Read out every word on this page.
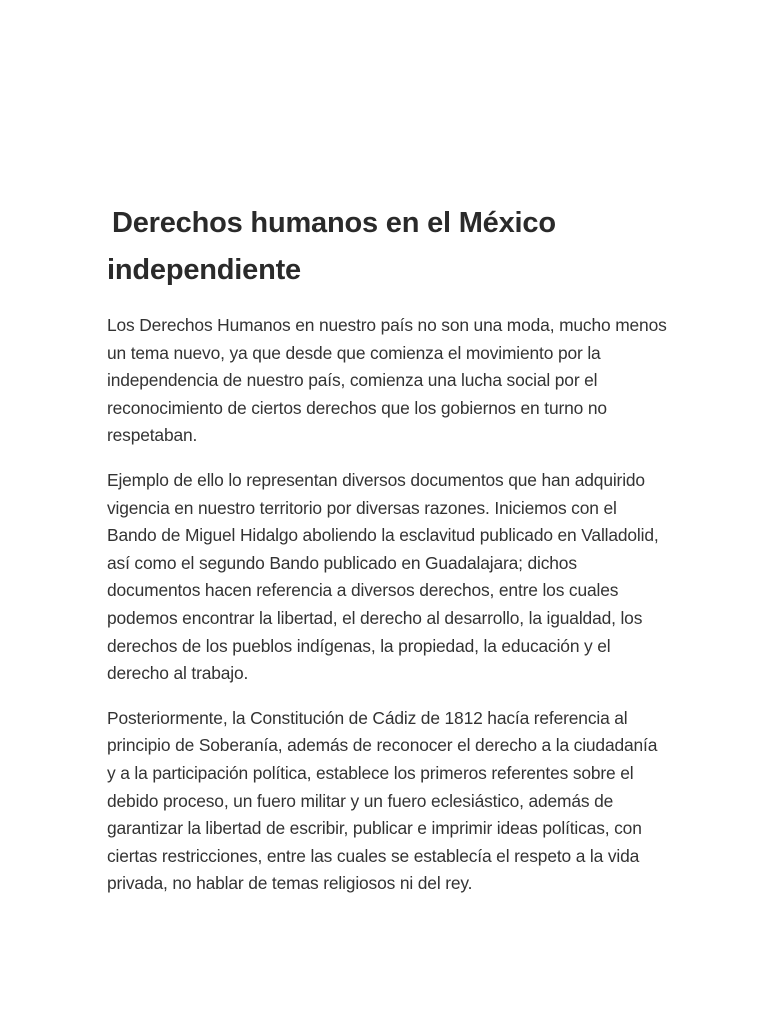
Derechos humanos en el México independiente

Los Derechos Humanos en nuestro país no son una moda, mucho menos un tema nuevo, ya que desde que comienza el movimiento por la independencia de nuestro país, comienza una lucha social por el reconocimiento de ciertos derechos que los gobiernos en turno no respetaban.

Ejemplo de ello lo representan diversos documentos que han adquirido vigencia en nuestro territorio por diversas razones. Iniciemos con el Bando de Miguel Hidalgo aboliendo la esclavitud publicado en Valladolid, así como el segundo Bando publicado en Guadalajara; dichos documentos hacen referencia a diversos derechos, entre los cuales podemos encontrar la libertad, el derecho al desarrollo, la igualdad, los derechos de los pueblos indígenas, la propiedad, la educación y el derecho al trabajo.

Posteriormente, la Constitución de Cádiz de 1812 hacía referencia al principio de Soberanía, además de reconocer el derecho a la ciudadanía y a la participación política, establece los primeros referentes sobre el debido proceso, un fuero militar y un fuero eclesiástico, además de garantizar la libertad de escribir, publicar e imprimir ideas políticas, con ciertas restricciones, entre las cuales se establecía el respeto a la vida privada, no hablar de temas religiosos ni del rey.
